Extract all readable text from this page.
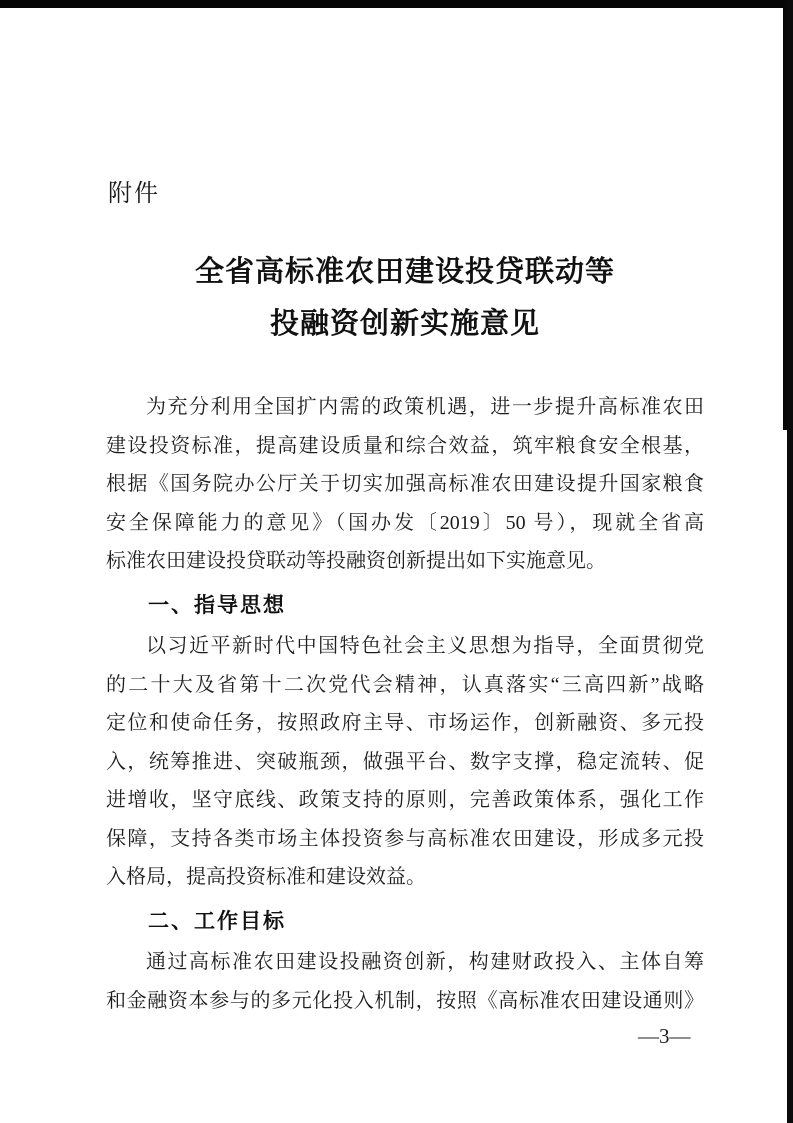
附件
全省高标准农田建设投贷联动等
投融资创新实施意见
为充分利用全国扩内需的政策机遇，进一步提升高标准农田
建设投资标准，提高建设质量和综合效益，筑牢粮食安全根基，
根据《国务院办公厅关于切实加强高标准农田建设提升国家粮食
安全保障能力的意见》（国办发〔2019〕50 号），现就全省高
标准农田建设投贷联动等投融资创新提出如下实施意见。
一、指导思想
以习近平新时代中国特色社会主义思想为指导，全面贯彻党
的二十大及省第十二次党代会精神，认真落实“三高四新”战略
定位和使命任务，按照政府主导、市场运作，创新融资、多元投
入，统筹推进、突破瓶颈，做强平台、数字支撑，稳定流转、促
进增收，坚守底线、政策支持的原则，完善政策体系，强化工作
保障，支持各类市场主体投资参与高标准农田建设，形成多元投
入格局，提高投资标准和建设效益。
二、工作目标
通过高标准农田建设投融资创新，构建财政投入、主体自筹
和金融资本参与的多元化投入机制，按照《高标准农田建设通则》
—3—
